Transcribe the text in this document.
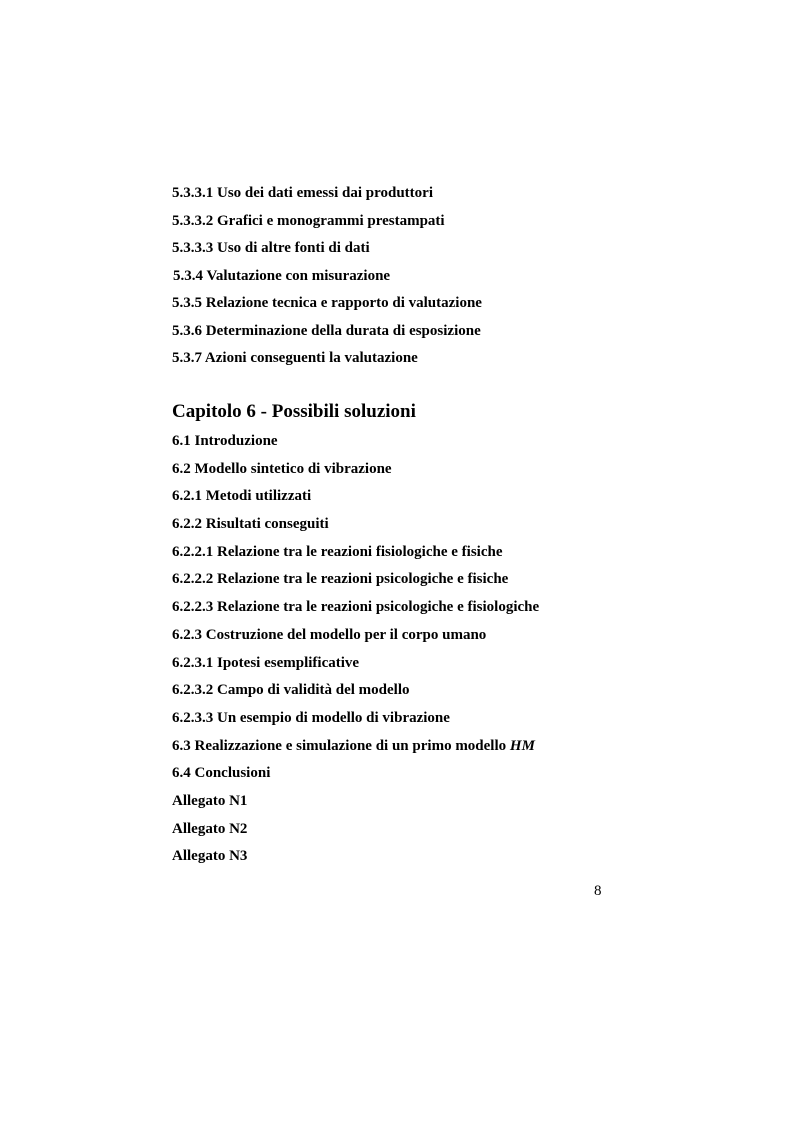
5.3.3.1 Uso dei dati emessi dai produttori
5.3.3.2 Grafici e monogrammi prestampati
5.3.3.3 Uso di altre fonti di dati
5.3.4 Valutazione con misurazione
5.3.5 Relazione tecnica e rapporto di valutazione
5.3.6 Determinazione della durata di esposizione
5.3.7 Azioni conseguenti la valutazione
Capitolo 6 - Possibili soluzioni
6.1 Introduzione
6.2 Modello sintetico di vibrazione
6.2.1 Metodi utilizzati
6.2.2 Risultati conseguiti
6.2.2.1 Relazione tra le reazioni fisiologiche e fisiche
6.2.2.2 Relazione tra le reazioni psicologiche e fisiche
6.2.2.3 Relazione tra le reazioni psicologiche e fisiologiche
6.2.3 Costruzione del modello per il corpo umano
6.2.3.1 Ipotesi esemplificative
6.2.3.2 Campo di validità del modello
6.2.3.3 Un esempio di modello di vibrazione
6.3 Realizzazione e simulazione di un primo modello HM
6.4 Conclusioni
Allegato N1
Allegato N2
Allegato N3
8
